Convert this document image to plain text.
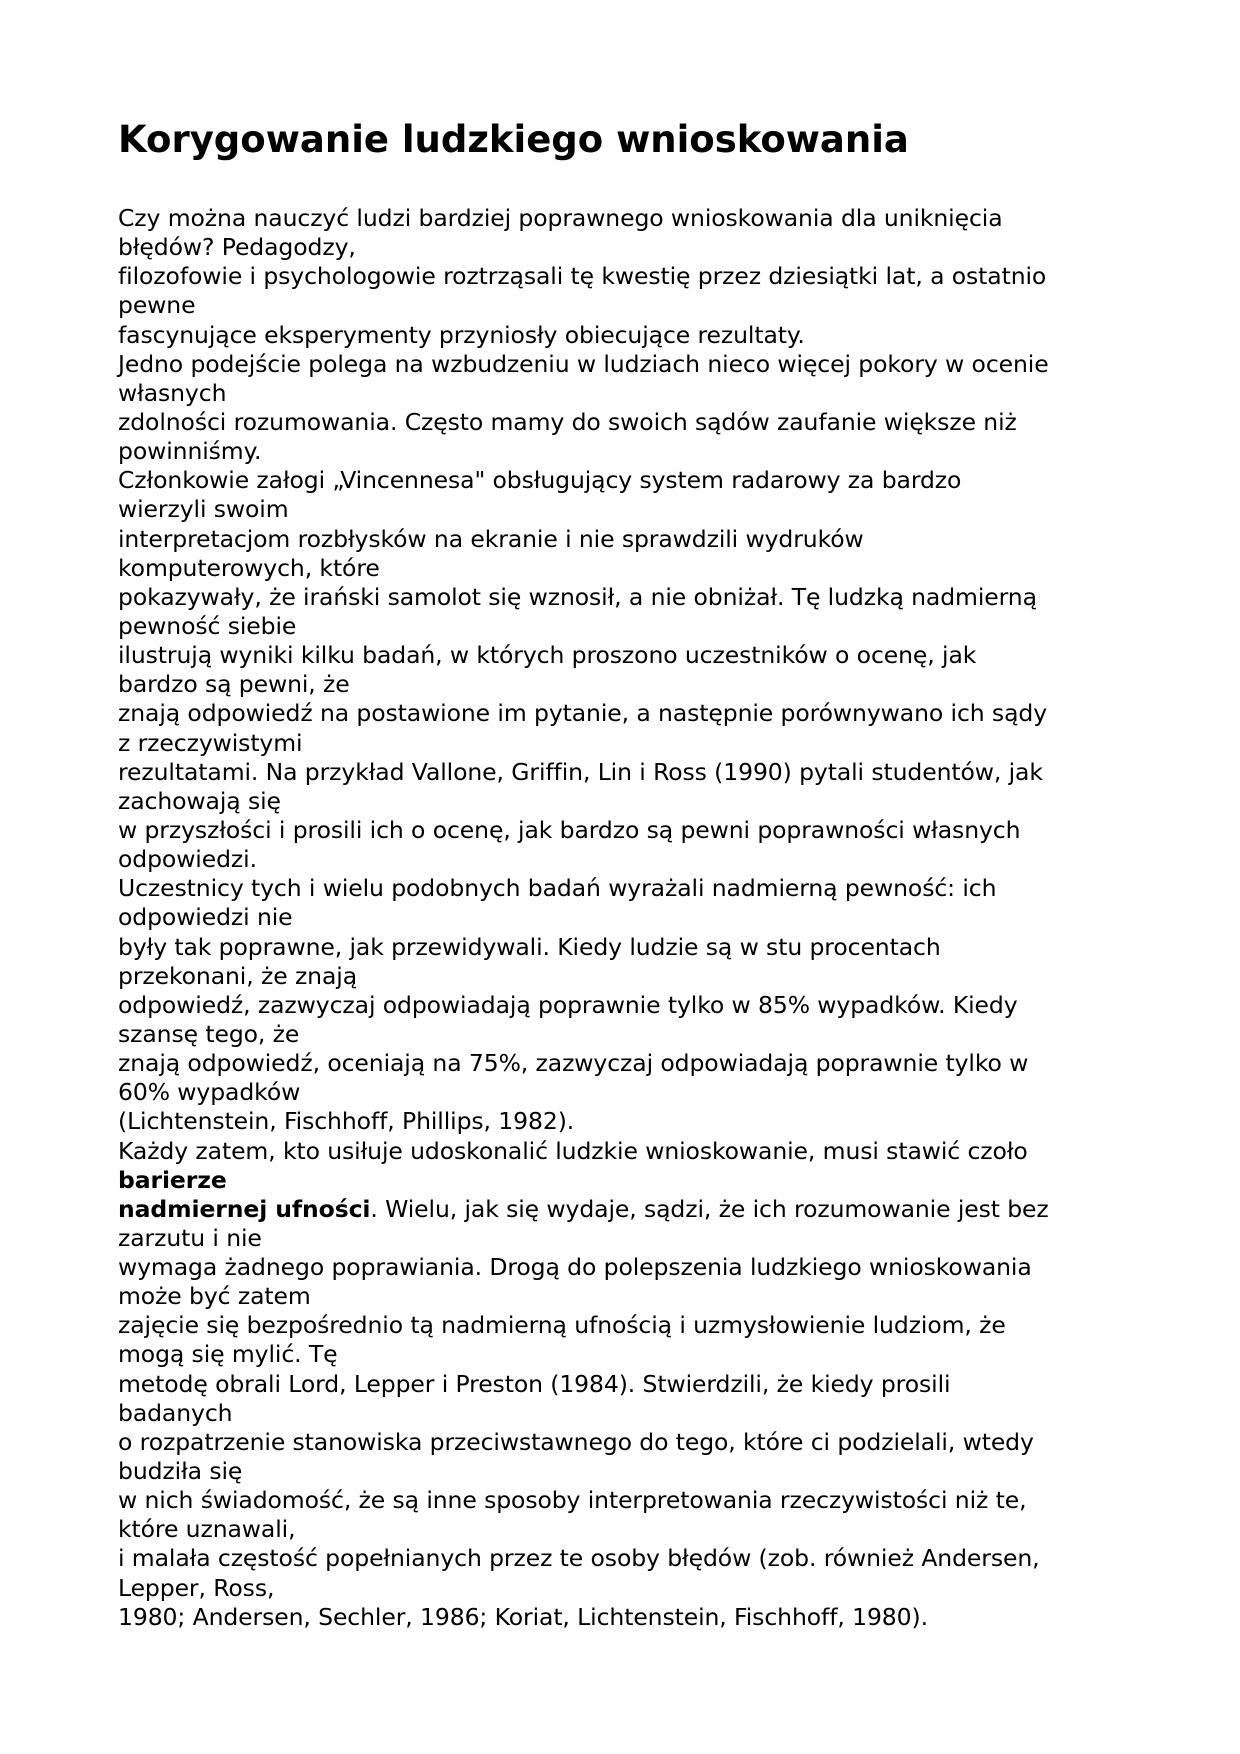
Korygowanie ludzkiego wnioskowania
Czy można nauczyć ludzi bardziej poprawnego wnioskowania dla uniknięcia
błędów? Pedagodzy,
filozofowie i psychologowie roztrząsali tę kwestię przez dziesiątki lat, a ostatnio
pewne
fascynujące eksperymenty przyniosły obiecujące rezultaty.
Jedno podejście polega na wzbudzeniu w ludziach nieco więcej pokory w ocenie
własnych
zdolności rozumowania. Często mamy do swoich sądów zaufanie większe niż
powinniśmy.
Członkowie załogi „Vincennesa" obsługujący system radarowy za bardzo
wierzyli swoim
interpretacjom rozbłysków na ekranie i nie sprawdzili wydruków
komputerowych, które
pokazywały, że irański samolot się wznosił, a nie obniżał. Tę ludzką nadmierną
pewność siebie
ilustrują wyniki kilku badań, w których proszono uczestników o ocenę, jak
bardzo są pewni, że
znają odpowiedź na postawione im pytanie, a następnie porównywano ich sądy
z rzeczywistymi
rezultatami. Na przykład Vallone, Griffin, Lin i Ross (1990) pytali studentów, jak
zachowają się
w przyszłości i prosili ich o ocenę, jak bardzo są pewni poprawności własnych
odpowiedzi.
Uczestnicy tych i wielu podobnych badań wyrażali nadmierną pewność: ich
odpowiedzi nie
były tak poprawne, jak przewidywali. Kiedy ludzie są w stu procentach
przekonani, że znają
odpowiedź, zazwyczaj odpowiadają poprawnie tylko w 85% wypadków. Kiedy
szansę tego, że
znają odpowiedź, oceniają na 75%, zazwyczaj odpowiadają poprawnie tylko w
60% wypadków
(Lichtenstein, Fischhoff, Phillips, 1982).
Każdy zatem, kto usiłuje udoskonalić ludzkie wnioskowanie, musi stawić czoło
barierze
nadmiernej ufności. Wielu, jak się wydaje, sądzi, że ich rozumowanie jest bez
zarzutu i nie
wymaga żadnego poprawiania. Drogą do polepszenia ludzkiego wnioskowania
może być zatem
zajęcie się bezpośrednio tą nadmierną ufnością i uzmysłowienie ludziom, że
mogą się mylić. Tę
metodę obrali Lord, Lepper i Preston (1984). Stwierdzili, że kiedy prosili
badanych
o rozpatrzenie stanowiska przeciwstawnego do tego, które ci podzielali, wtedy
budziła się
w nich świadomość, że są inne sposoby interpretowania rzeczywistości niż te,
które uznawali,
i malała częstość popełnianych przez te osoby błędów (zob. również Andersen,
Lepper, Ross,
1980; Andersen, Sechler, 1986; Koriat, Lichtenstein, Fischhoff, 1980).
